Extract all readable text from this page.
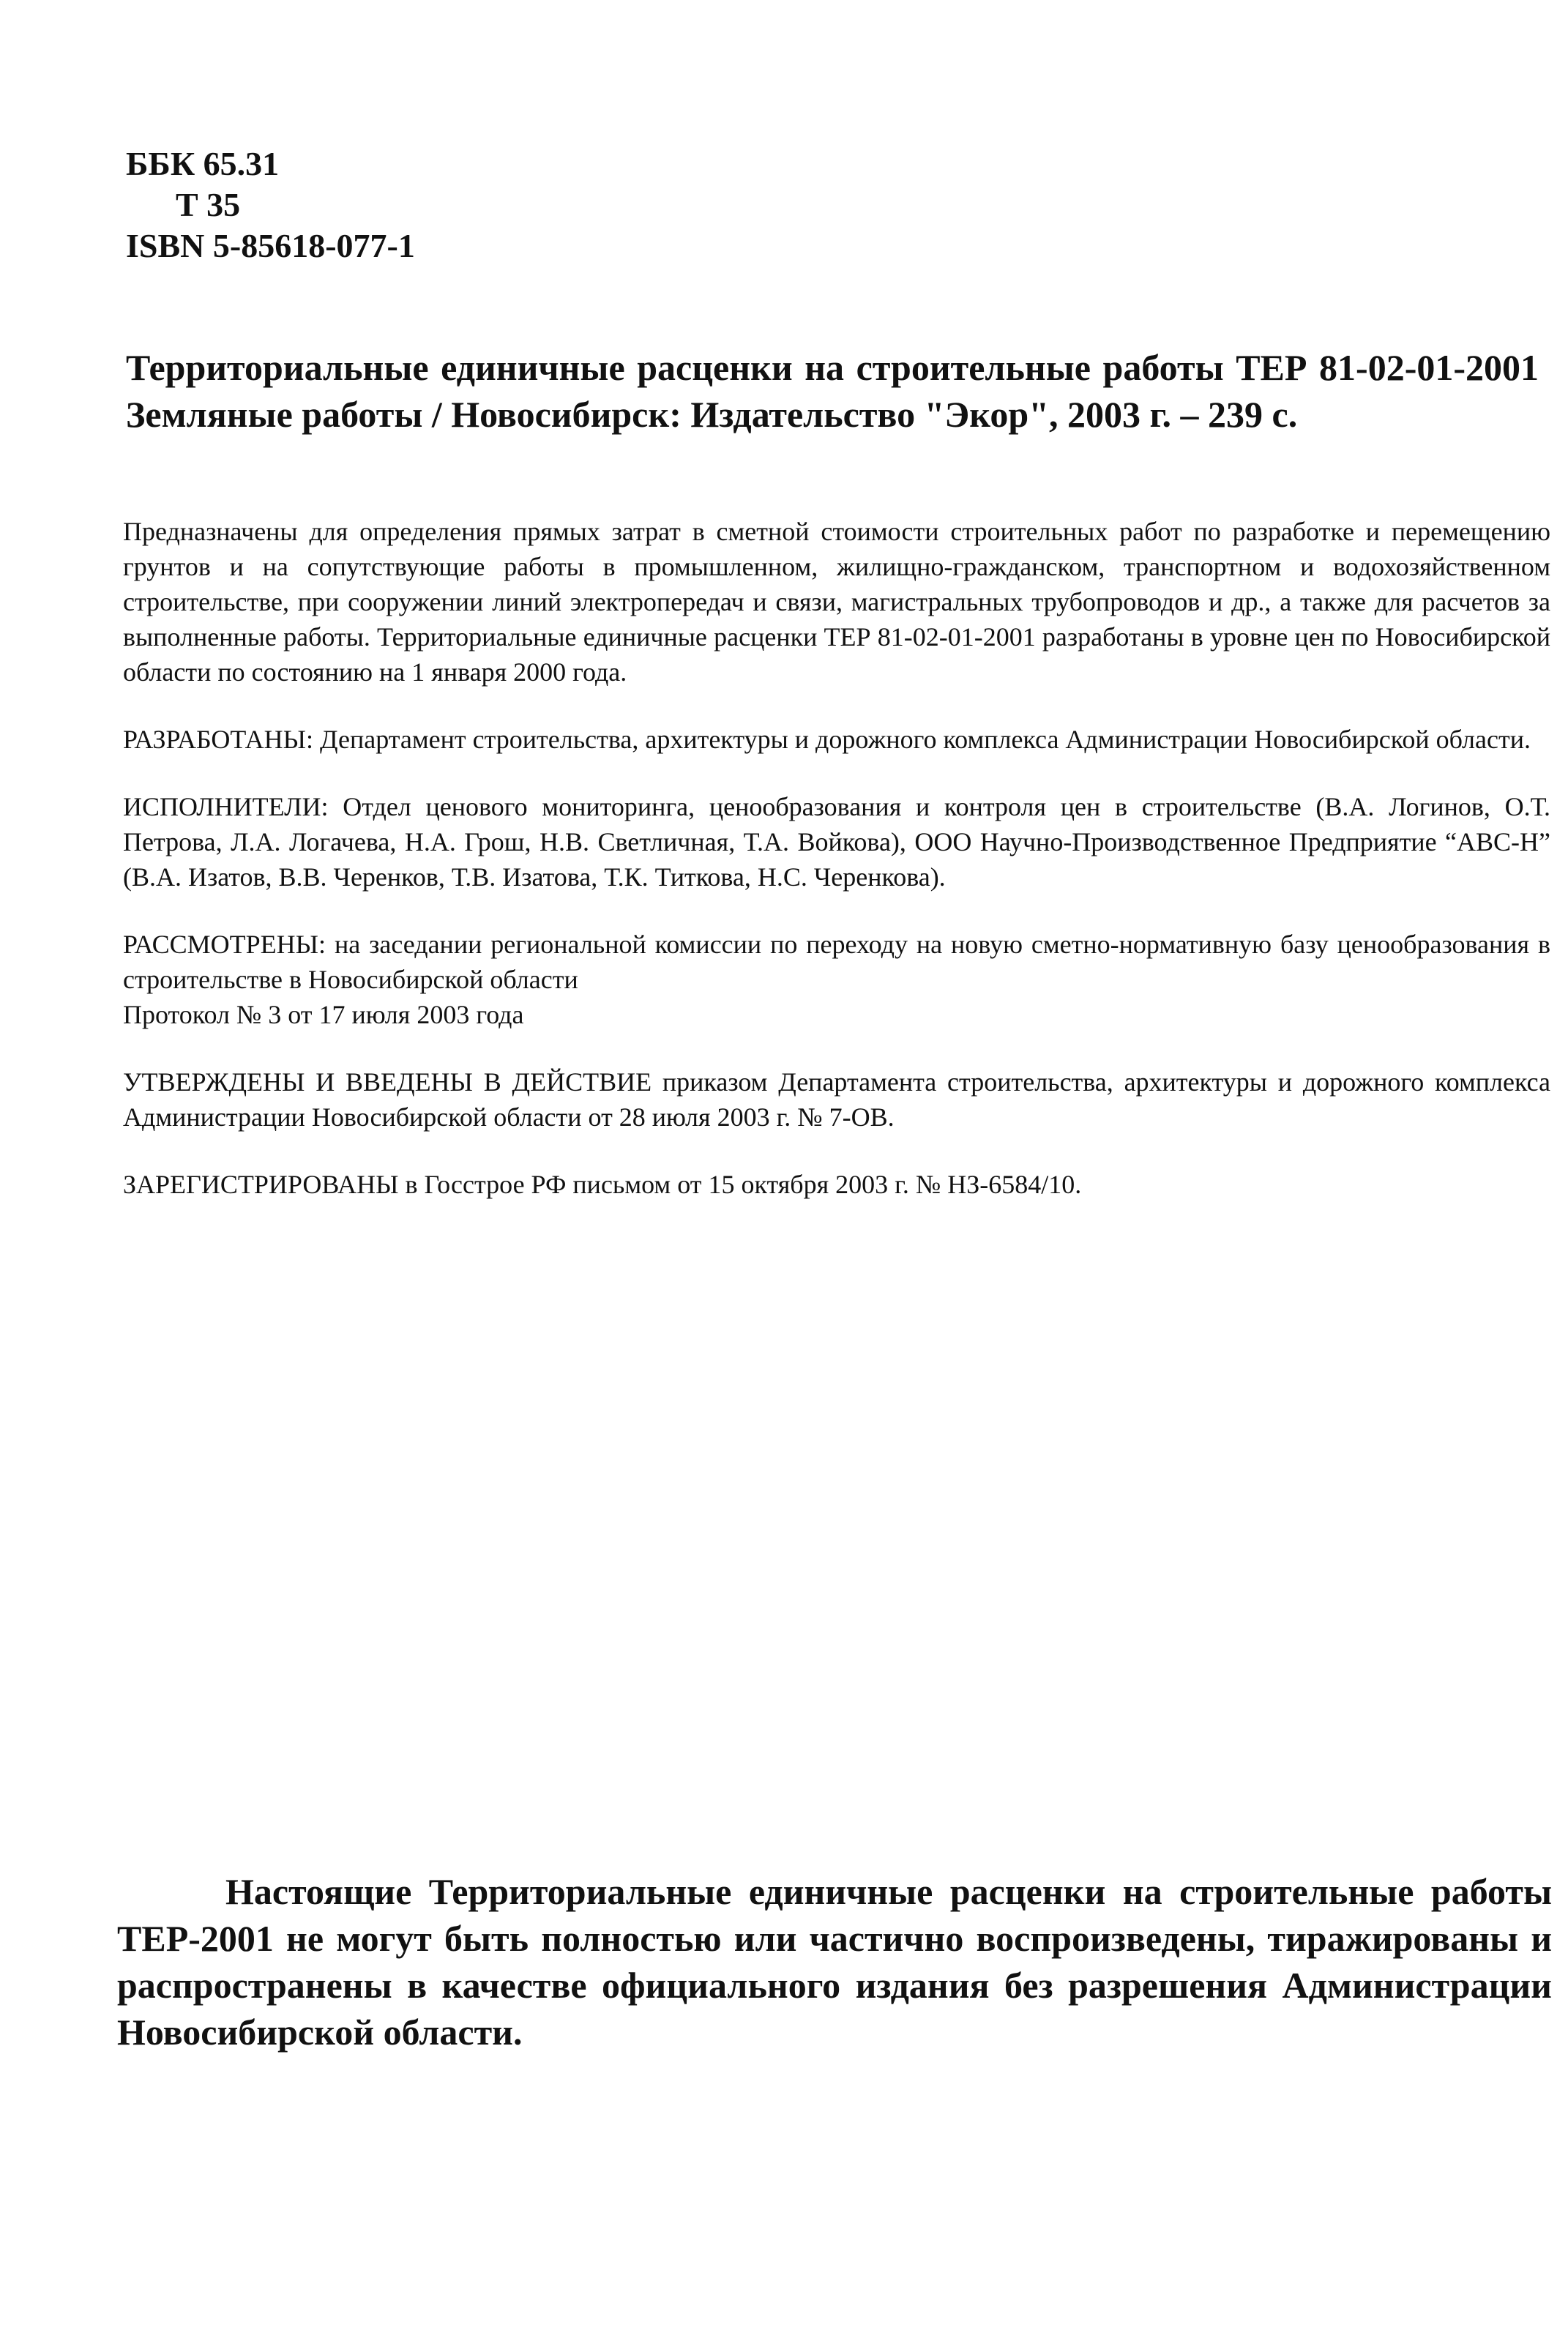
ББК 65.31
Т 35
ISBN 5-85618-077-1
Территориальные единичные расценки на строительные работы ТЕР 81-02-01-2001 Земляные работы / Новосибирск: Издательство "Экор", 2003 г. – 239 с.

Предназначены для определения прямых затрат в сметной стоимости строительных работ по разработке и перемещению грунтов и на сопутствующие работы в промышленном, жилищно-гражданском, транспортном и водохозяйственном строительстве, при сооружении линий электропередач и связи, магистральных трубопроводов и др., а также для расчетов за выполненные работы. Территориальные единичные расценки ТЕР 81-02-01-2001 разработаны в уровне цен по Новосибирской области по состоянию на 1 января 2000 года.

РАЗРАБОТАНЫ: Департамент строительства, архитектуры и дорожного комплекса Администрации Новосибирской области.

ИСПОЛНИТЕЛИ: Отдел ценового мониторинга, ценообразования и контроля цен в строительстве (В.А. Логинов, О.Т. Петрова, Л.А. Логачева, Н.А. Грош, Н.В. Светличная, Т.А. Войкова), ООО Научно-Производственное Предприятие “АВС-Н” (В.А. Изатов, В.В. Черенков, Т.В. Изатова, Т.К. Титкова, Н.С. Черенкова).

РАССМОТРЕНЫ: на заседании региональной комиссии по переходу на новую сметно-нормативную базу ценообразования в строительстве в Новосибирской области

Протокол № 3 от 17 июля 2003 года

УТВЕРЖДЕНЫ И ВВЕДЕНЫ В ДЕЙСТВИЕ приказом Департамента строительства, архитектуры и дорожного комплекса Администрации Новосибирской области от 28 июля 2003 г. № 7-ОВ.

ЗАРЕГИСТРИРОВАНЫ в Госстрое РФ письмом от 15 октября 2003 г. № НЗ-6584/10.

Настоящие Территориальные единичные расценки на строительные работы ТЕР-2001 не могут быть полностью или частично воспроизведены, тиражированы и распространены в качестве официального издания без разрешения Администрации Новосибирской области.
